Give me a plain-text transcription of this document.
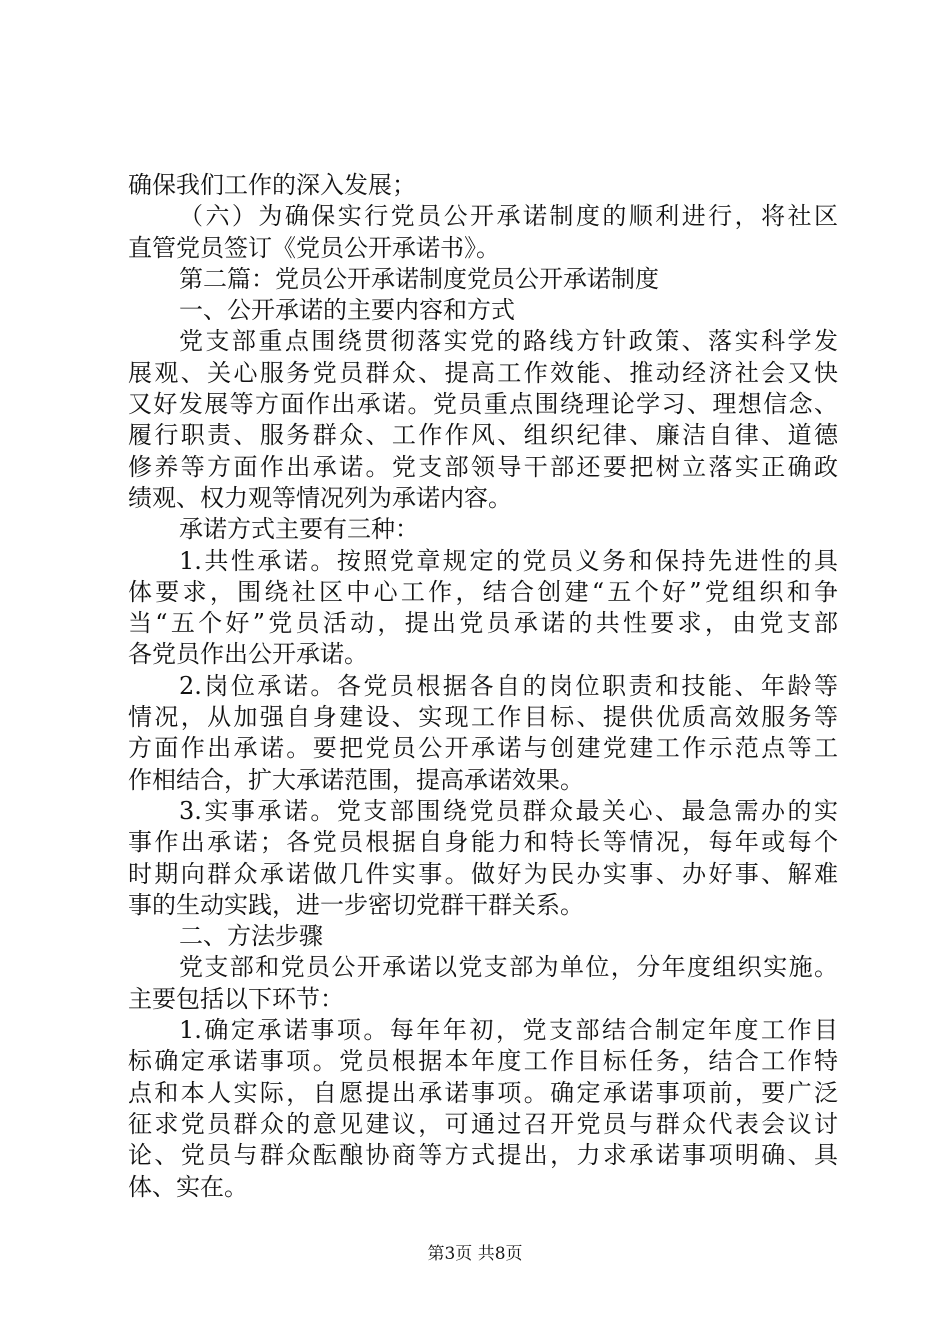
确保我们工作的深入发展；
（六）为确保实行党员公开承诺制度的顺利进行，将社区
直管党员签订《党员公开承诺书》。
第二篇：党员公开承诺制度党员公开承诺制度
一、公开承诺的主要内容和方式
党支部重点围绕贯彻落实党的路线方针政策、落实科学发
展观、关心服务党员群众、提高工作效能、推动经济社会又快
又好发展等方面作出承诺。党员重点围绕理论学习、理想信念、
履行职责、服务群众、工作作风、组织纪律、廉洁自律、道德
修养等方面作出承诺。党支部领导干部还要把树立落实正确政
绩观、权力观等情况列为承诺内容。
承诺方式主要有三种：
1.共性承诺。按照党章规定的党员义务和保持先进性的具
体要求，围绕社区中心工作，结合创建“五个好”党组织和争
当“五个好”党员活动，提出党员承诺的共性要求，由党支部
各党员作出公开承诺。
2.岗位承诺。各党员根据各自的岗位职责和技能、年龄等
情况，从加强自身建设、实现工作目标、提供优质高效服务等
方面作出承诺。要把党员公开承诺与创建党建工作示范点等工
作相结合，扩大承诺范围，提高承诺效果。
3.实事承诺。党支部围绕党员群众最关心、最急需办的实
事作出承诺；各党员根据自身能力和特长等情况，每年或每个
时期向群众承诺做几件实事。做好为民办实事、办好事、解难
事的生动实践，进一步密切党群干群关系。
二、方法步骤
党支部和党员公开承诺以党支部为单位，分年度组织实施。
主要包括以下环节：
1.确定承诺事项。每年年初，党支部结合制定年度工作目
标确定承诺事项。党员根据本年度工作目标任务，结合工作特
点和本人实际，自愿提出承诺事项。确定承诺事项前，要广泛
征求党员群众的意见建议，可通过召开党员与群众代表会议讨
论、党员与群众酝酿协商等方式提出，力求承诺事项明确、具
体、实在。
第3页 共8页
